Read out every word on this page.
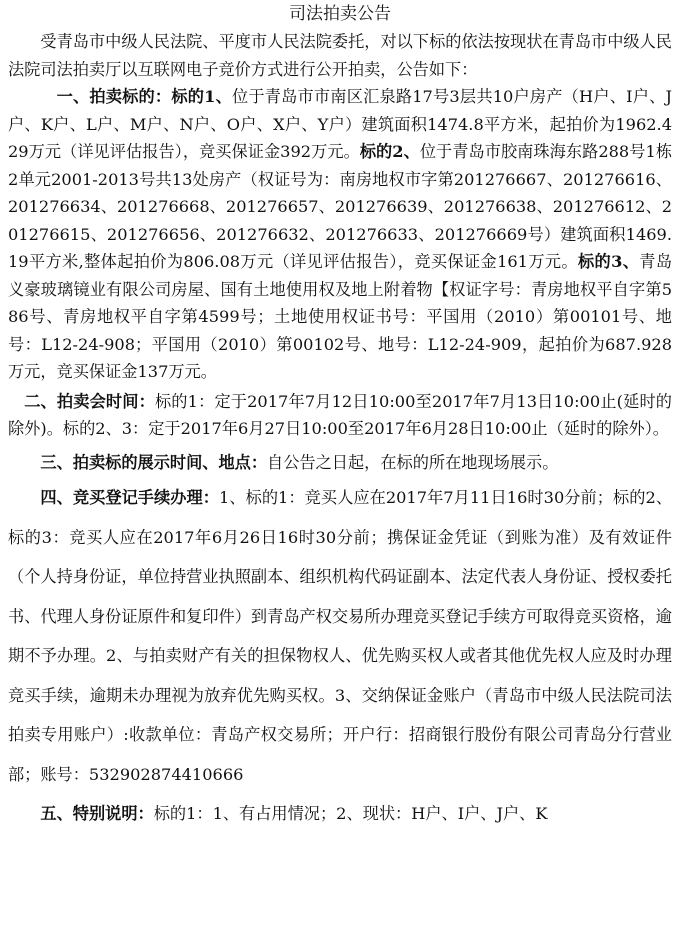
司法拍卖公告

受青岛市中级人民法院、平度市人民法院委托，对以下标的依法按现状在青岛市中级人民法院司法拍卖厅以互联网电子竞价方式进行公开拍卖，公告如下：

一、拍卖标的：标的1、位于青岛市市南区汇泉路17号3层共10户房产（H户、I户、J户、K户、L户、M户、N户、O户、X户、Y户）建筑面积1474.8平方米，起拍价为1962.429万元（详见评估报告），竞买保证金392万元。标的2、位于青岛市胶南珠海东路288号1栋2单元2001-2013号共13处房产（权证号为：南房地权市字第201276667、201276616、201276634、201276668、201276657、201276639、201276638、201276612、201276615、201276656、201276632、201276633、201276669号）建筑面积1469.19平方米,整体起拍价为806.08万元（详见评估报告），竞买保证金161万元。标的3、青岛义豪玻璃镜业有限公司房屋、国有土地使用权及地上附着物【权证字号：青房地权平自字第586号、青房地权平自字第4599号；土地使用权证书号：平国用（2010）第00101号、地号：L12-24-908；平国用（2010）第00102号、地号：L12-24-909，起拍价为687.928万元，竞买保证金137万元。

二、拍卖会时间：标的1：定于2017年7月12日10:00至2017年7月13日10:00止(延时的除外)。标的2、3：定于2017年6月27日10:00至2017年6月28日10:00止（延时的除外）。

三、拍卖标的展示时间、地点：自公告之日起，在标的所在地现场展示。

四、竞买登记手续办理：1、标的1：竞买人应在2017年7月11日16时30分前；标的2、标的3：竞买人应在2017年6月26日16时30分前；携保证金凭证（到账为准）及有效证件（个人持身份证，单位持营业执照副本、组织机构代码证副本、法定代表人身份证、授权委托书、代理人身份证原件和复印件）到青岛产权交易所办理竞买登记手续方可取得竞买资格，逾期不予办理。2、与拍卖财产有关的担保物权人、优先购买权人或者其他优先权人应及时办理竞买手续，逾期未办理视为放弃优先购买权。3、交纳保证金账户（青岛市中级人民法院司法拍卖专用账户）:收款单位：青岛产权交易所；开户行：招商银行股份有限公司青岛分行营业部；账号：532902874410666

五、特别说明：标的1：1、有占用情况；2、现状：H户、I户、J户、K
